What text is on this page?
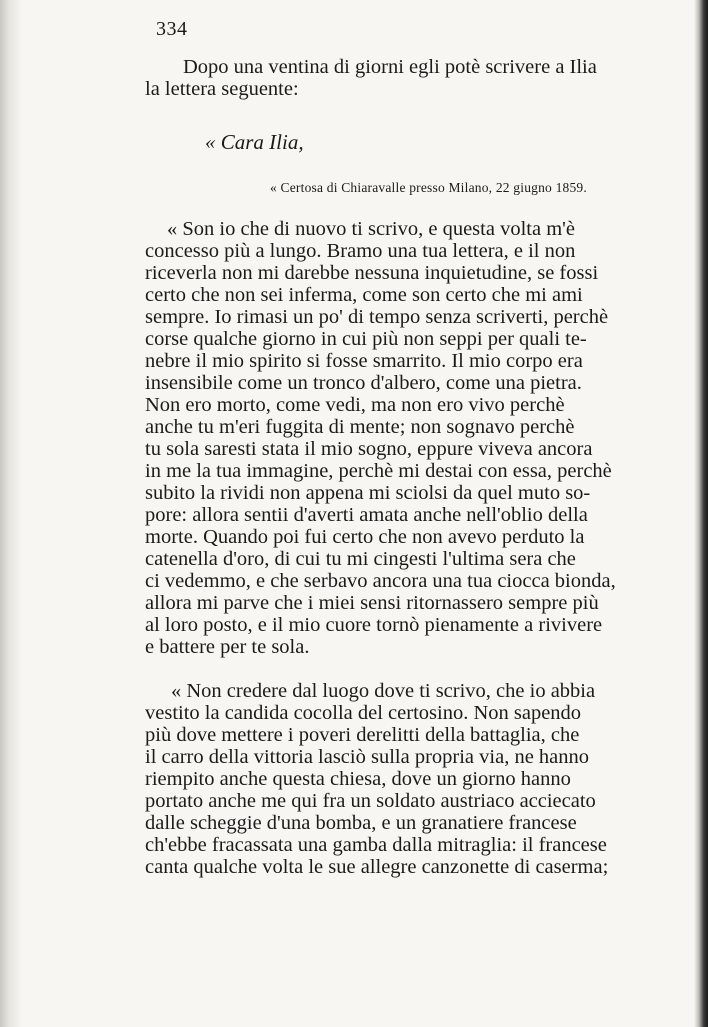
334
Dopo una ventina di giorni egli potè scrivere a Ilia
la lettera seguente:
« Cara Ilia,
« Certosa di Chiaravalle presso Milano, 22 giugno 1859.
« Son io che di nuovo ti scrivo, e questa volta m'è
concesso più a lungo. Bramo una tua lettera, e il non
riceverla non mi darebbe nessuna inquietudine, se fossi
certo che non sei inferma, come son certo che mi ami
sempre. Io rimasi un po' di tempo senza scriverti, perchè
corse qualche giorno in cui più non seppi per quali te-
nebre il mio spirito si fosse smarrito. Il mio corpo era
insensibile come un tronco d'albero, come una pietra.
Non ero morto, come vedi, ma non ero vivo perchè
anche tu m'eri fuggita di mente; non sognavo perchè
tu sola saresti stata il mio sogno, eppure viveva ancora
in me la tua immagine, perchè mi destai con essa, perchè
subito la rividi non appena mi sciolsi da quel muto so-
pore: allora sentii d'averti amata anche nell'oblio della
morte. Quando poi fui certo che non avevo perduto la
catenella d'oro, di cui tu mi cingesti l'ultima sera che
ci vedemmo, e che serbavo ancora una tua ciocca bionda,
allora mi parve che i miei sensi ritornassero sempre più
al loro posto, e il mio cuore tornò pienamente a rivivere
e battere per te sola.
« Non credere dal luogo dove ti scrivo, che io abbia
vestito la candida cocolla del certosino. Non sapendo
più dove mettere i poveri derelitti della battaglia, che
il carro della vittoria lasciò sulla propria via, ne hanno
riempito anche questa chiesa, dove un giorno hanno
portato anche me qui fra un soldato austriaco acciecato
dalle scheggie d'una bomba, e un granatiere francese
ch'ebbe fracassata una gamba dalla mitraglia: il francese
canta qualche volta le sue allegre canzonette di caserma;
